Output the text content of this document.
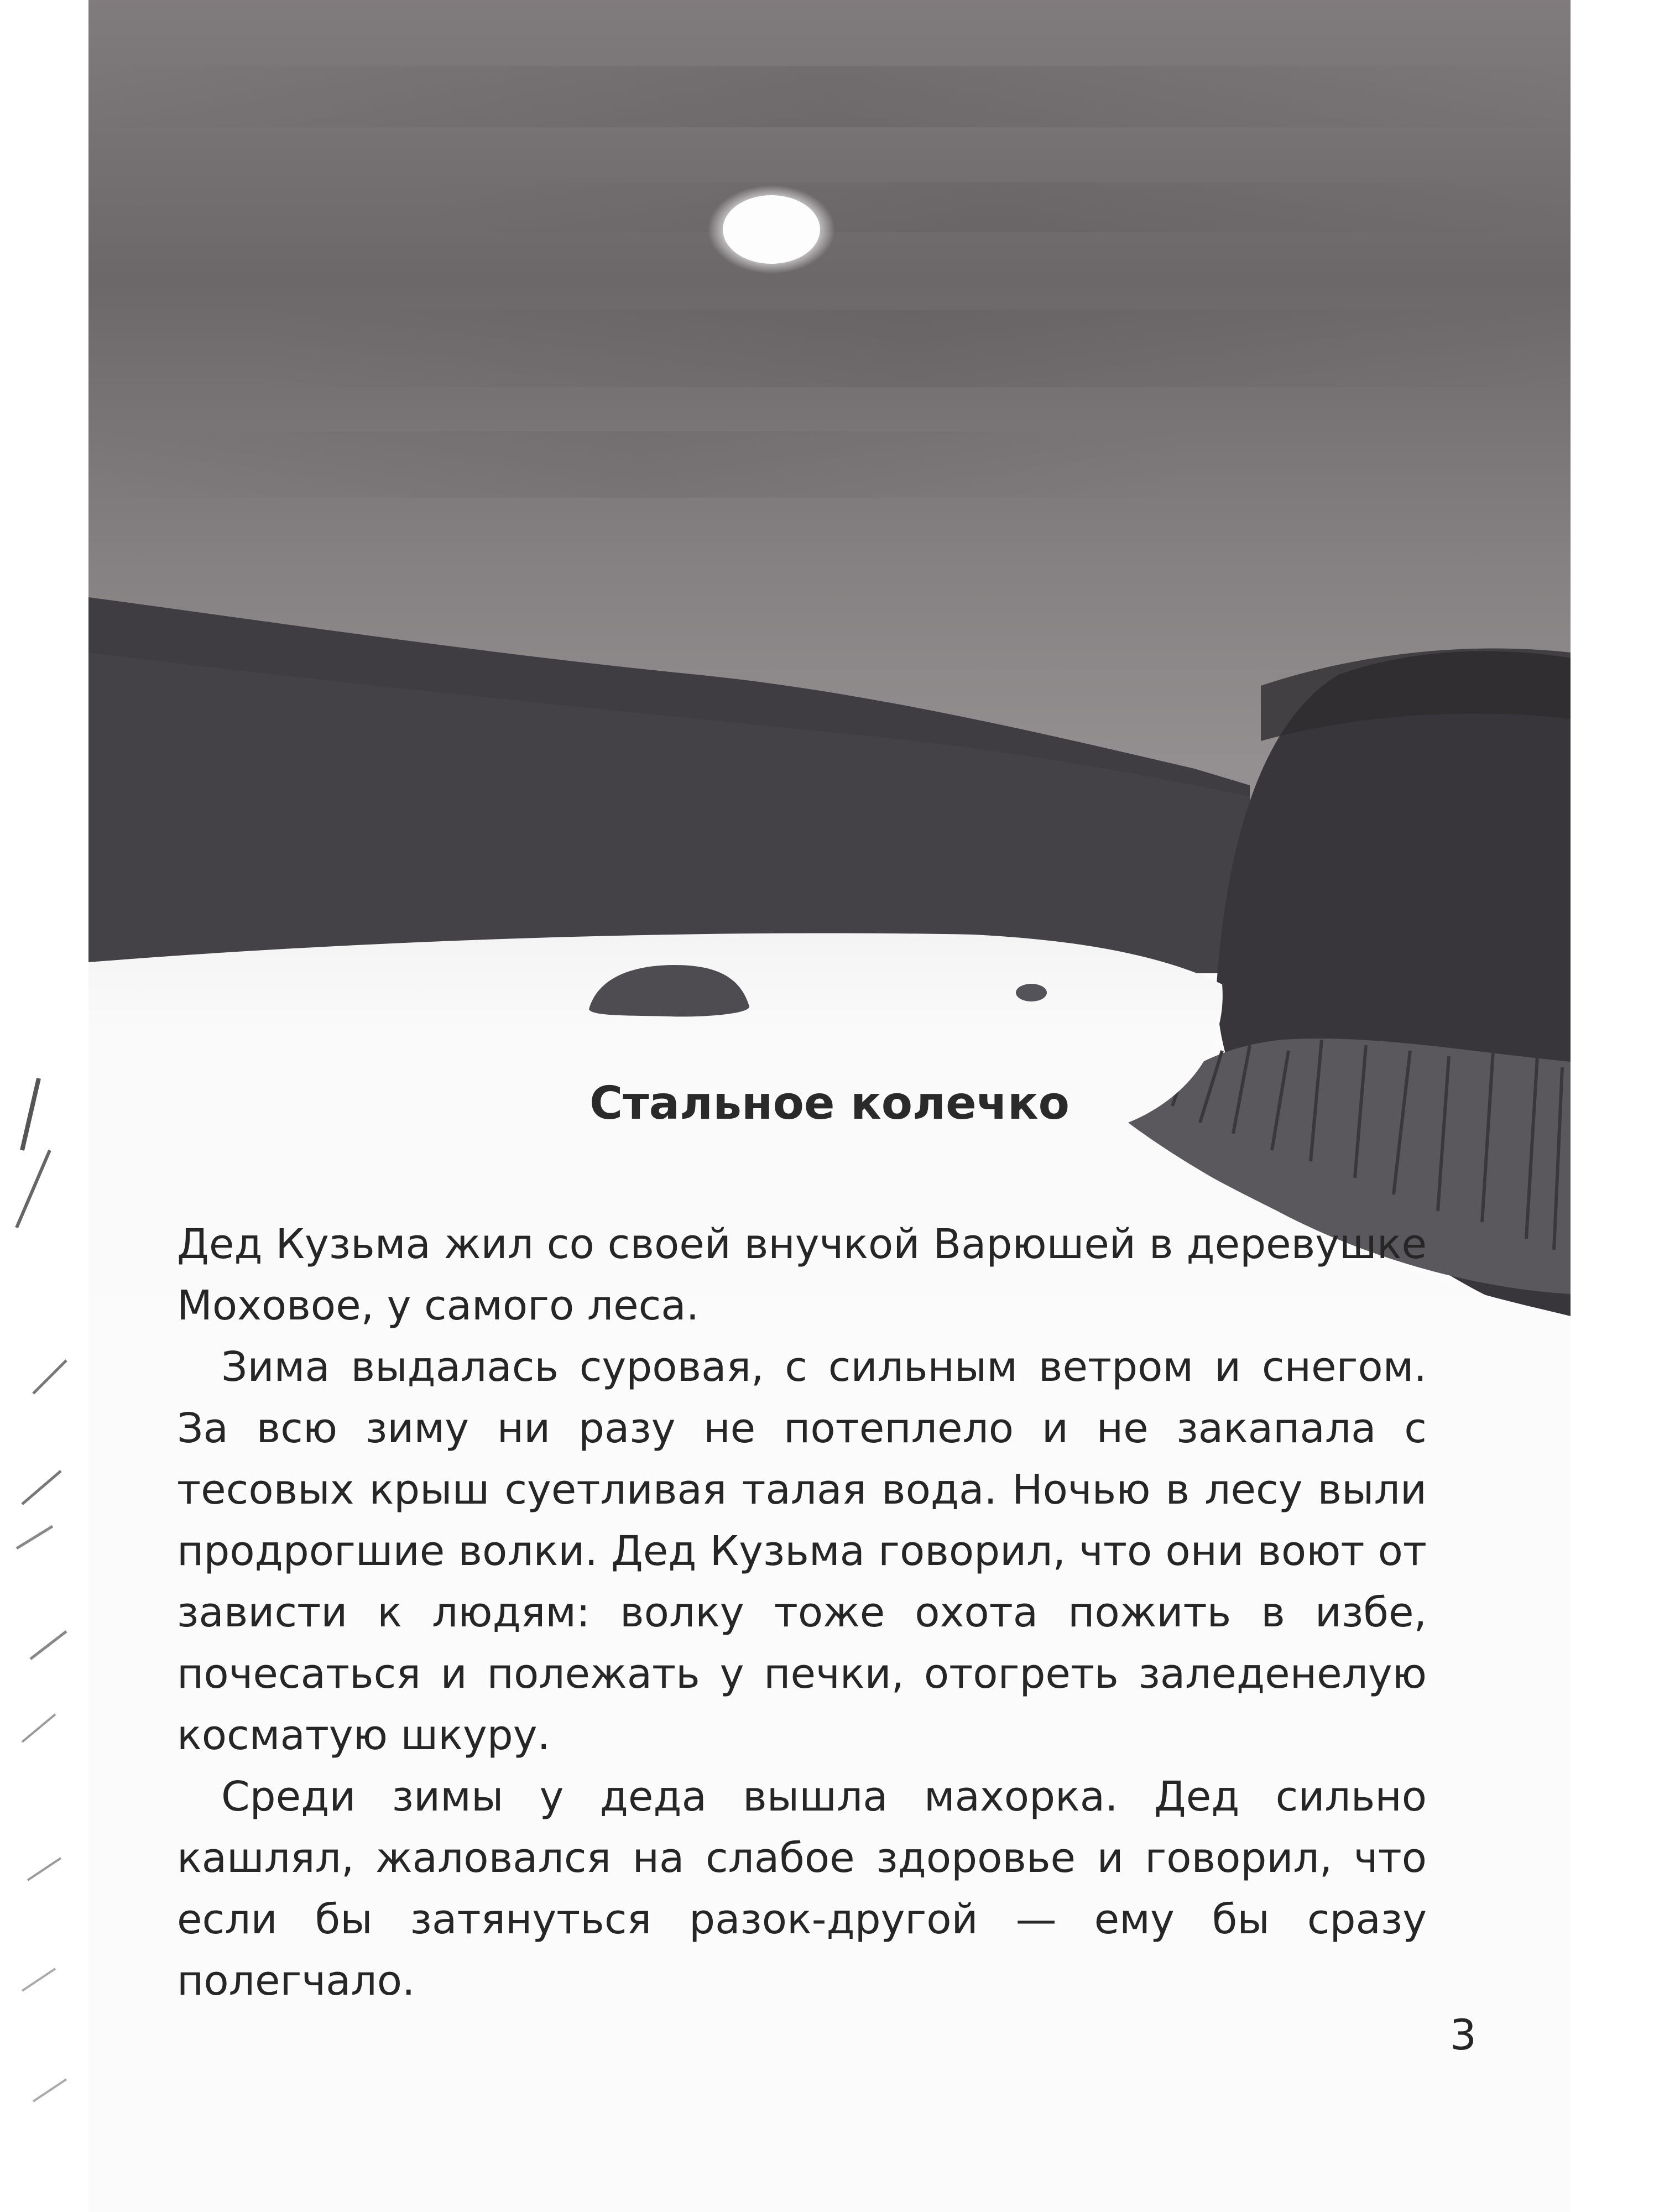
Стальное колечко

Дед Кузьма жил со своей внучкой Варюшей в деревушке Моховое, у самого леса.

Зима выдалась суровая, с сильным ветром и снегом. За всю зиму ни разу не потеплело и не закапала с тесовых крыш суетливая талая вода. Ночью в лесу выли продрогшие волки. Дед Кузьма говорил, что они воют от зависти к людям: волку тоже охота пожить в избе, почесаться и полежать у печки, отогреть заледенелую косматую шкуру.

Среди зимы у деда вышла махорка. Дед сильно кашлял, жаловался на слабое здоровье и говорил, что если бы затянуться разок-другой — ему бы сразу полегчало.

3
